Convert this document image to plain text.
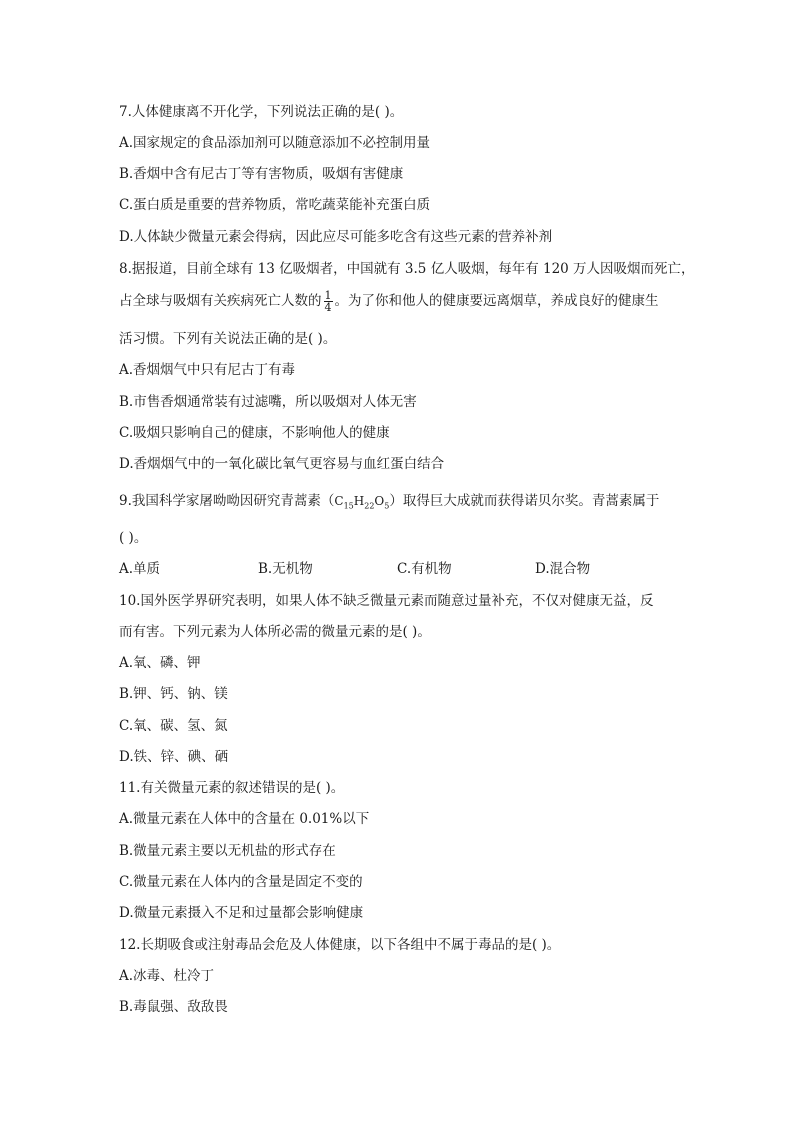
7.人体健康离不开化学，下列说法正确的是( )。
A.国家规定的食品添加剂可以随意添加不必控制用量
B.香烟中含有尼古丁等有害物质，吸烟有害健康
C.蛋白质是重要的营养物质，常吃蔬菜能补充蛋白质
D.人体缺少微量元素会得病，因此应尽可能多吃含有这些元素的营养补剂
8.据报道，目前全球有 13 亿吸烟者，中国就有 3.5 亿人吸烟，每年有 120 万人因吸烟而死亡，
占全球与吸烟有关疾病死亡人数的 $\frac{1}{4}$ 。为了你和他人的健康要远离烟草，养成良好的健康生
活习惯。下列有关说法正确的是( )。
A.香烟烟气中只有尼古丁有毒
B.市售香烟通常装有过滤嘴，所以吸烟对人体无害
C.吸烟只影响自己的健康，不影响他人的健康
D.香烟烟气中的一氧化碳比氧气更容易与血红蛋白结合
9.我国科学家屠呦呦因研究青蒿素$(C_{15}H_{22}O_5)$取得巨大成就而获得诺贝尔奖。青蒿素属于
( )。
A.单质	B.无机物	C.有机物	D.混合物
10.国外医学界研究表明，如果人体不缺乏微量元素而随意过量补充，不仅对健康无益，反
而有害。下列元素为人体所必需的微量元素的是( )。
A.氧、磷、钾
B.钾、钙、钠、镁
C.氧、碳、氢、氮
D.铁、锌、碘、硒
11.有关微量元素的叙述错误的是( )。
A.微量元素在人体中的含量在 0.01%以下
B.微量元素主要以无机盐的形式存在
C.微量元素在人体内的含量是固定不变的
D.微量元素摄入不足和过量都会影响健康
12.长期吸食或注射毒品会危及人体健康，以下各组中不属于毒品的是( )。
A.冰毒、杜冷丁
B.毒鼠强、敌敌畏
